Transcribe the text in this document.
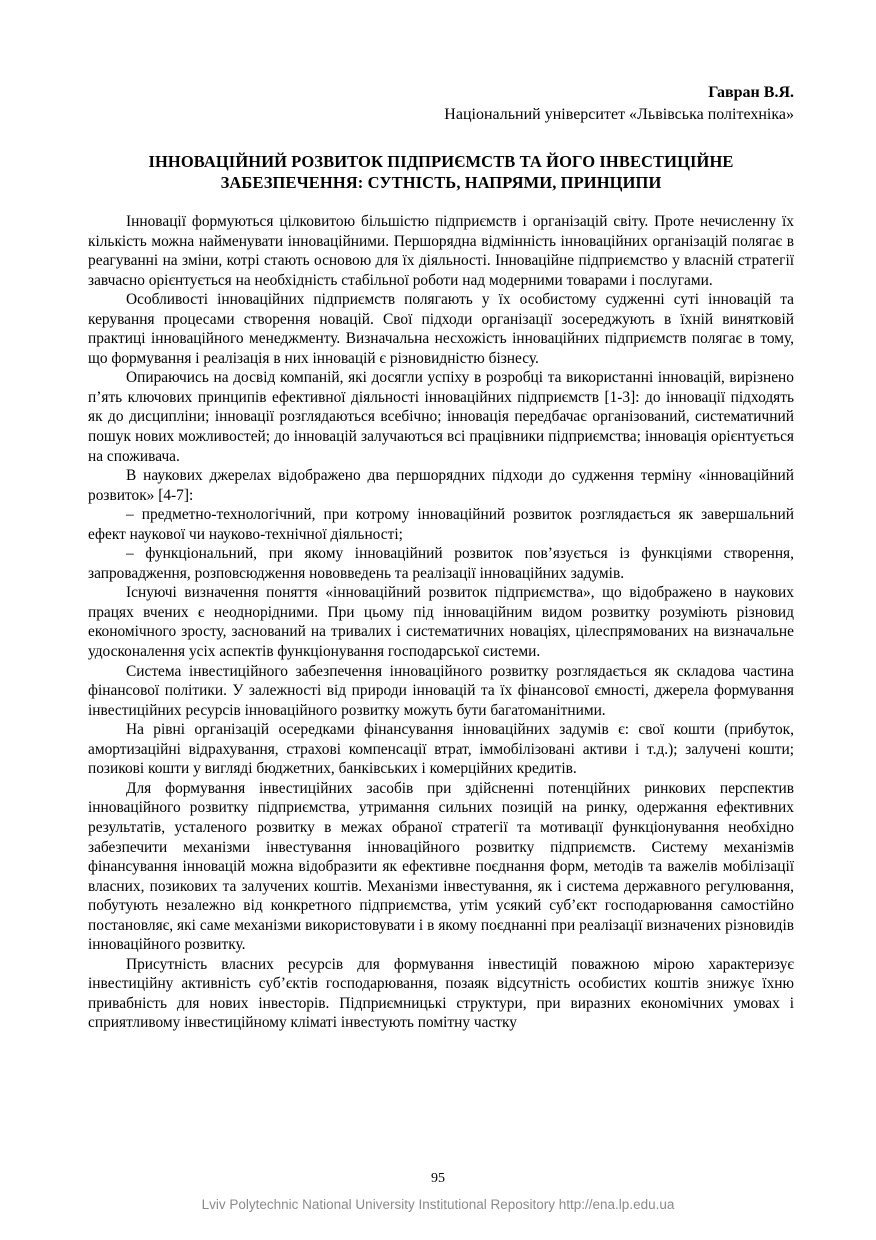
Гавран В.Я.
Національний університет «Львівська політехніка»
ІННОВАЦІЙНИЙ РОЗВИТОК ПІДПРИЄМСТВ ТА ЙОГО ІНВЕСТИЦІЙНЕ
ЗАБЕЗПЕЧЕННЯ: СУТНІСТЬ, НАПРЯМИ, ПРИНЦИПИ

Інновації формуються цілковитою більшістю підприємств і організацій світу. Проте нечисленну їх кількість можна найменувати інноваційними. Першорядна відмінність інноваційних організацій полягає в реагуванні на зміни, котрі стають основою для їх діяльності. Інноваційне підприємство у власній стратегії завчасно орієнтується на необхідність стабільної роботи над модерними товарами і послугами.

Особливості інноваційних підприємств полягають у їх особистому судженні суті інновацій та керування процесами створення новацій. Свої підходи організації зосереджують в їхній винятковій практиці інноваційного менеджменту. Визначальна несхожість інноваційних підприємств полягає в тому, що формування і реалізація в них інновацій є різновидністю бізнесу.

Опираючись на досвід компаній, які досягли успіху в розробці та використанні інновацій, вирізнено п’ять ключових принципів ефективної діяльності інноваційних підприємств [1-3]: до інновації підходять як до дисципліни; інновації розглядаються всебічно; інновація передбачає організований, систематичний пошук нових можливостей; до інновацій залучаються всі працівники підприємства; інновація орієнтується на споживача.

В наукових джерелах відображено два першорядних підходи до судження терміну «інноваційний розвиток» [4-7]:

– предметно-технологічний, при котрому інноваційний розвиток розглядається як завершальний ефект наукової чи науково-технічної діяльності;

– функціональний, при якому інноваційний розвиток пов’язується із функціями створення, запровадження, розповсюдження нововведень та реалізації інноваційних задумів.

Існуючі визначення поняття «інноваційний розвиток підприємства», що відображено в наукових працях вчених є неоднорідними. При цьому під інноваційним видом розвитку розуміють різновид економічного зросту, заснований на тривалих і систематичних новаціях, цілеспрямованих на визначальне удосконалення усіх аспектів функціонування господарської системи.

Система інвестиційного забезпечення інноваційного розвитку розглядається як складова частина фінансової політики. У залежності від природи інновацій та їх фінансової ємності, джерела формування інвестиційних ресурсів інноваційного розвитку можуть бути багатоманітними.

На рівні організацій осередками фінансування інноваційних задумів є: свої кошти (прибуток, амортизаційні відрахування, страхові компенсації втрат, іммобілізовані активи і т.д.); залучені кошти; позикові кошти у вигляді бюджетних, банківських і комерційних кредитів.

Для формування інвестиційних засобів при здійсненні потенційних ринкових перспектив інноваційного розвитку підприємства, утримання сильних позицій на ринку, одержання ефективних результатів, усталеного розвитку в межах обраної стратегії та мотивації функціонування необхідно забезпечити механізми інвестування інноваційного розвитку підприємств. Систему механізмів фінансування інновацій можна відобразити як ефективне поєднання форм, методів та важелів мобілізації власних, позикових та залучених коштів. Механізми інвестування, як і система державного регулювання, побутують незалежно від конкретного підприємства, утім усякий суб’єкт господарювання самостійно постановляє, які саме механізми використовувати і в якому поєднанні при реалізації визначених різновидів інноваційного розвитку.

Присутність власних ресурсів для формування інвестицій поважною мірою характеризує інвестиційну активність суб’єктів господарювання, позаяк відсутність особистих коштів знижує їхню привабність для нових інвесторів. Підприємницькі структури, при виразних економічних умовах і сприятливому інвестиційному кліматі інвестують помітну частку

95
Lviv Polytechnic National University Institutional Repository http://ena.lp.edu.ua
